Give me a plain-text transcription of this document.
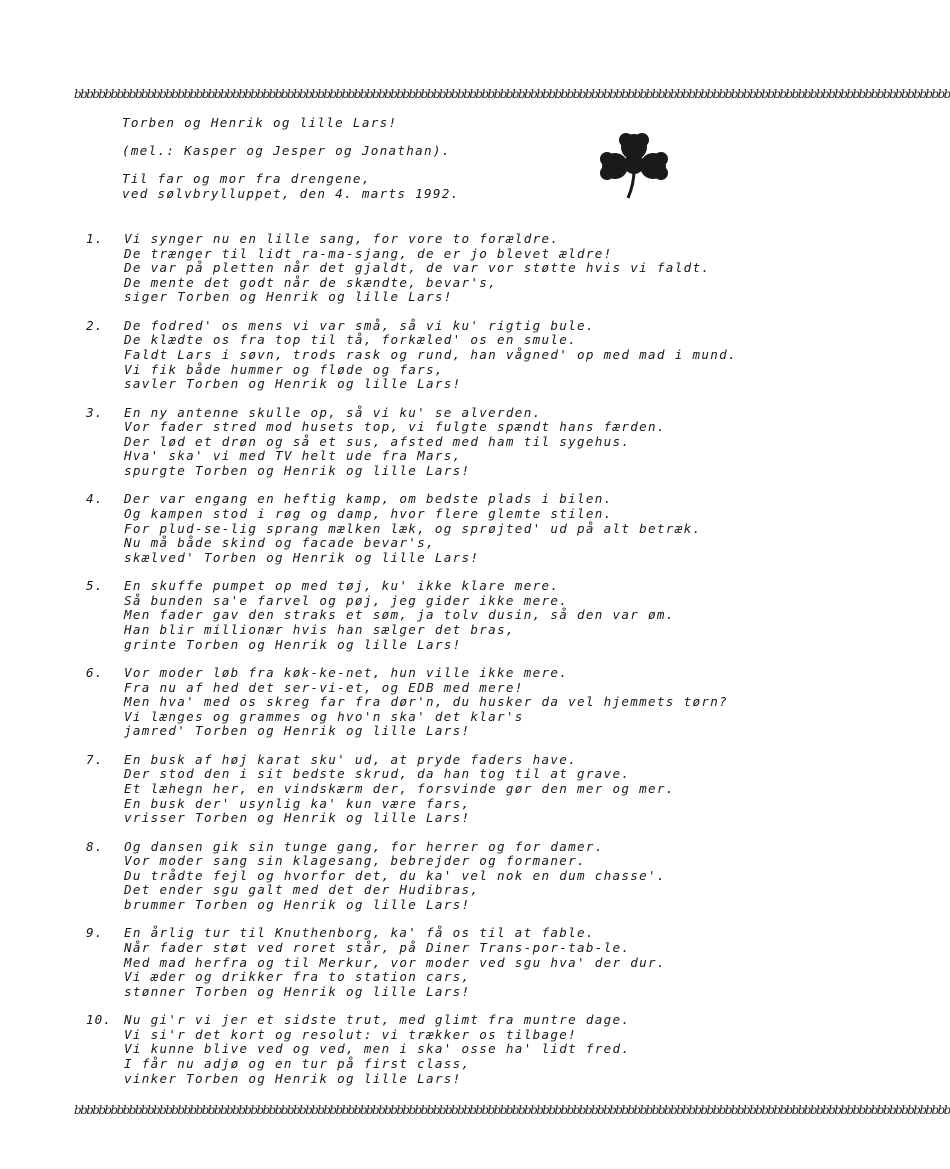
bbbbbbbbbbbbbbbbbbbbbbbbbbbbbbbbbbbbbbbbbbbbbbbbbbbbbbbbbbbbbbbbbbbbbbbbbbbbbbbbbbbbbbbbbbbbbbbbbbbbbbbbbbbbbbbbbbbbbbbbbbbbbbbbbbbbbbbbbbbbbbbb
Torben og Henrik og lille Lars!
(mel.: Kasper og Jesper og Jonathan).
Til far og mor fra drengene,
ved sølvbrylluppet, den 4. marts 1992.
1.	Vi synger nu en lille sang, for vore to forældre.
De trænger til lidt ra-ma-sjang, de er jo blevet ældre!
De var på pletten når det gjaldt, de var vor støtte hvis vi faldt.
De mente det godt når de skændte, bevar's,
siger Torben og Henrik og lille Lars!
2.	De fodred' os mens vi var små, så vi ku' rigtig bule.
De klædte os fra top til tå, forkæled' os en smule.
Faldt Lars i søvn, trods rask og rund, han vågned' op med mad i mund.
Vi fik både hummer og fløde og fars,
savler Torben og Henrik og lille Lars!
3.	En ny antenne skulle op, så vi ku' se alverden.
Vor fader stred mod husets top, vi fulgte spændt hans færden.
Der lød et drøn og så et sus, afsted med ham til sygehus.
Hva' ska' vi med TV helt ude fra Mars,
spurgte Torben og Henrik og lille Lars!
4.	Der var engang en heftig kamp, om bedste plads i bilen.
Og kampen stod i røg og damp, hvor flere glemte stilen.
For plud-se-lig sprang mælken læk, og sprøjted' ud på alt betræk.
Nu må både skind og facade bevar's,
skælved' Torben og Henrik og lille Lars!
5.	En skuffe pumpet op med tøj, ku' ikke klare mere.
Så bunden sa'e farvel og pøj, jeg gider ikke mere.
Men fader gav den straks et søm, ja tolv dusin, så den var øm.
Han blir millionær hvis han sælger det bras,
grinte Torben og Henrik og lille Lars!
6.	Vor moder løb fra køk-ke-net, hun ville ikke mere.
Fra nu af hed det ser-vi-et, og EDB med mere!
Men hva' med os skreg far fra dør'n, du husker da vel hjemmets tørn?
Vi længes og grammes og hvo'n ska' det klar's
jamred' Torben og Henrik og lille Lars!
7.	En busk af høj karat sku' ud, at pryde faders have.
Der stod den i sit bedste skrud, da han tog til at grave.
Et læhegn her, en vindskærm der, forsvinde gør den mer og mer.
En busk der' usynlig ka' kun være fars,
vrisser Torben og Henrik og lille Lars!
8.	Og dansen gik sin tunge gang, for herrer og for damer.
Vor moder sang sin klagesang, bebrejder og formaner.
Du trådte fejl og hvorfor det, du ka' vel nok en dum chasse'.
Det ender sgu galt med det der Hudibras,
brummer Torben og Henrik og lille Lars!
9.	En årlig tur til Knuthenborg, ka' få os til at fable.
Når fader støt ved roret står, på Diner Trans-por-tab-le.
Med mad herfra og til Merkur, vor moder ved sgu hva' der dur.
Vi æder og drikker fra to station cars,
stønner Torben og Henrik og lille Lars!
10. Nu gi'r vi jer et sidste trut, med glimt fra muntre dage.
Vi si'r det kort og resolut: vi trækker os tilbage!
Vi kunne blive ved og ved, men i ska' osse ha' lidt fred.
I får nu adjø og en tur på first class,
vinker Torben og Henrik og lille Lars!
bbbbbbbbbbbbbbbbbbbbbbbbbbbbbbbbbbbbbbbbbbbbbbbbbbbbbbbbbbbbbbbbbbbbbbbbbbbbbbbbbbbbbbbbbbbbbbbbbbbbbbbbbbbbbbbbbbbbbbbbbbbbbbbbbbbbbbbbbbbbbbbb
